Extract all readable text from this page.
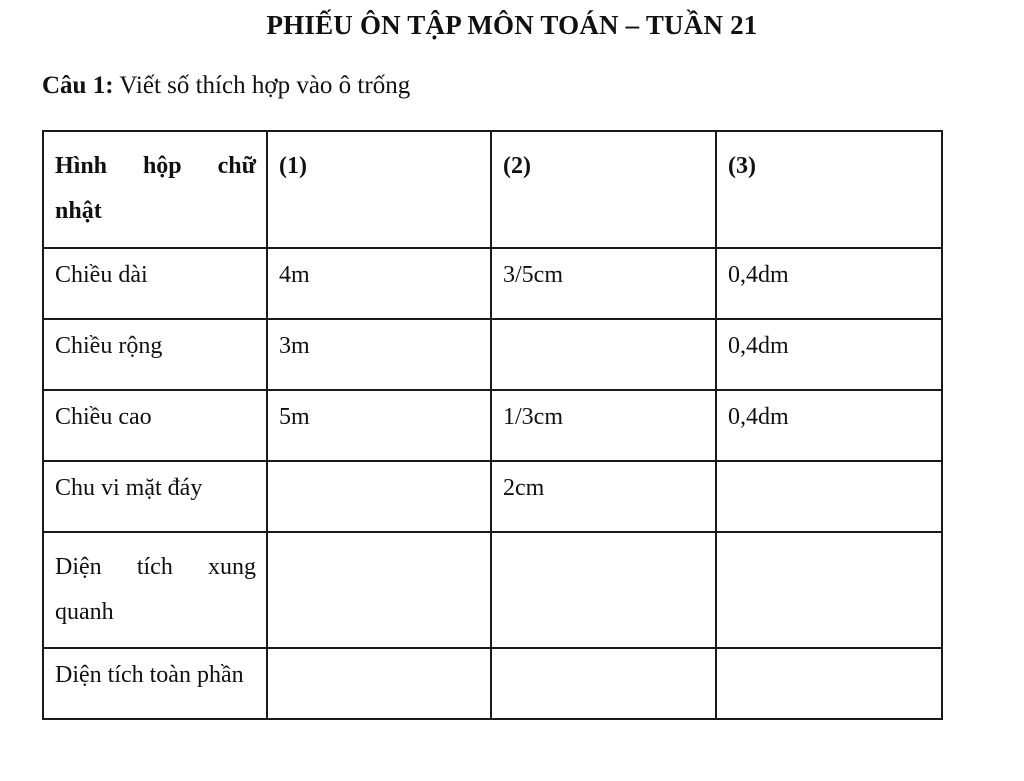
PHIẾU ÔN TẬP MÔN TOÁN – TUẦN 21
Câu 1: Viết số thích hợp vào ô trống
Hình hộp chữ
nhật	(1)	(2)	(3)
Chiều dài	4m	3/5cm	0,4dm
Chiều rộng	3m		0,4dm
Chiều cao	5m	1/3cm	0,4dm
Chu vi mặt đáy		2cm	

Diện tích xung
quanh			
Diện tích toàn phần			
